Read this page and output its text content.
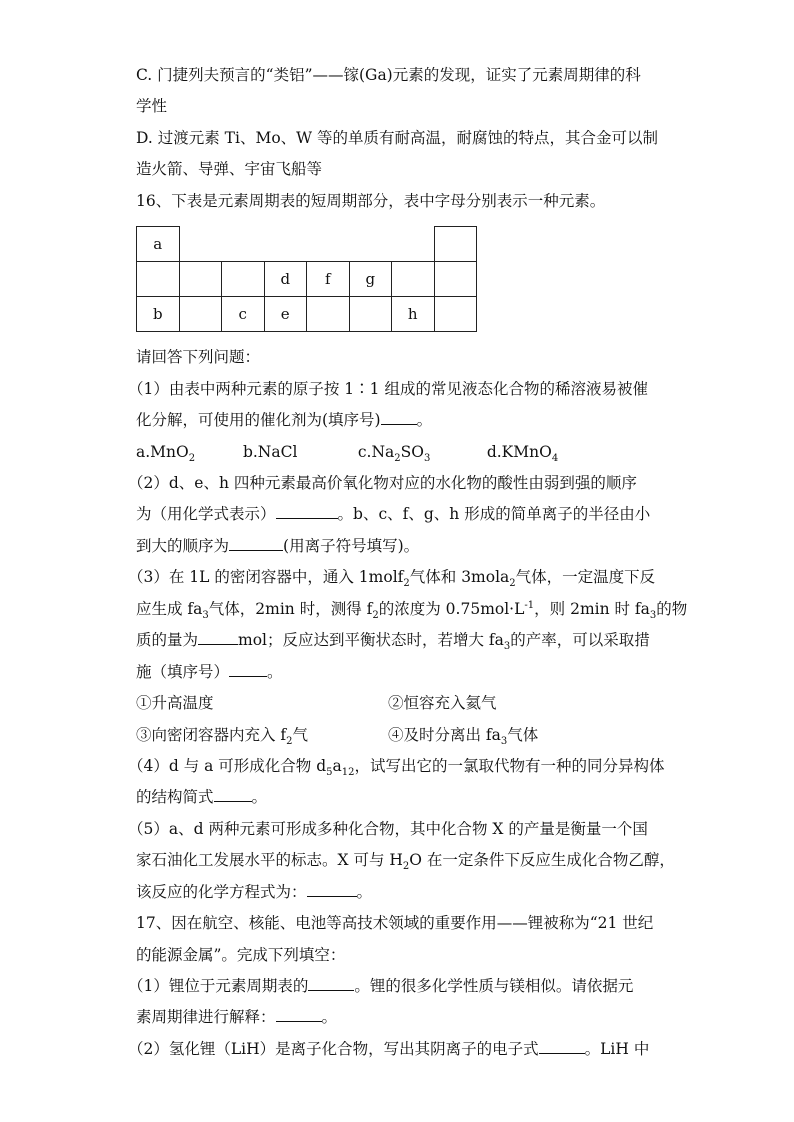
C. 门捷列夫预言的“类铝”——镓(Ga)元素的发现，证实了元素周期律的科
学性
D. 过渡元素 Ti、Mo、W 等的单质有耐高温，耐腐蚀的特点，其合金可以制
造火箭、导弹、宇宙飞船等
16、下表是元素周期表的短周期部分，表中字母分别表示一种元素。
a							
			d	f	g		
b		c	e			h	
请回答下列问题：
（1）由表中两种元素的原子按 1∶1 组成的常见液态化合物的稀溶液易被催
化分解，可使用的催化剂为(填序号) 。
a.MnO$_2$	b.NaCl	$c.Na_2SO_3$	d.KMnO$_4$
（2）d、e、h 四种元素最高价氧化物对应的水化物的酸性由弱到强的顺序
为（用化学式表示）	。b、c、f、g、h 形成的简单离子的半径由小
到大的顺序为	(用离子符号填写)。
（3）在 1L 的密闭容器中，通入 1molf$_2$气体和 3mola$_2$气体，一定温度下反
应生成 $fa_3$气体，2min 时，测得 $f_2$的浓度为 $0.75mol\cdot L^{-1}$，则 2min 时 $fa_3$的物
质的量为	mol；反应达到平衡状态时，若增大 $fa_3$的产率，可以采取措
施（填序号） 。
①升高温度	②恒容充入氦气
③向密闭容器内充入 $f_2$气	④及时分离出 $fa_3$气体
（4）d 与 a 可形成化合物 $d_5a_{12}$，试写出它的一氯取代物有一种的同分异构体
的结构简式 。
（5）a、d 两种元素可形成多种化合物，其中化合物 X 的产量是衡量一个国
家石油化工发展水平的标志。X 可与 $H_2O$ 在一定条件下反应生成化合物乙醇，
该反应的化学方程式为：	。
17、因在航空、核能、电池等高技术领域的重要作用——锂被称为“21 世纪
的能源金属”。完成下列填空：
（1）锂位于元素周期表的	。锂的很多化学性质与镁相似。请依据元
素周期律进行解释：	。
（2）氢化锂（LiH）是离子化合物，写出其阴离子的电子式	。LiH 中
